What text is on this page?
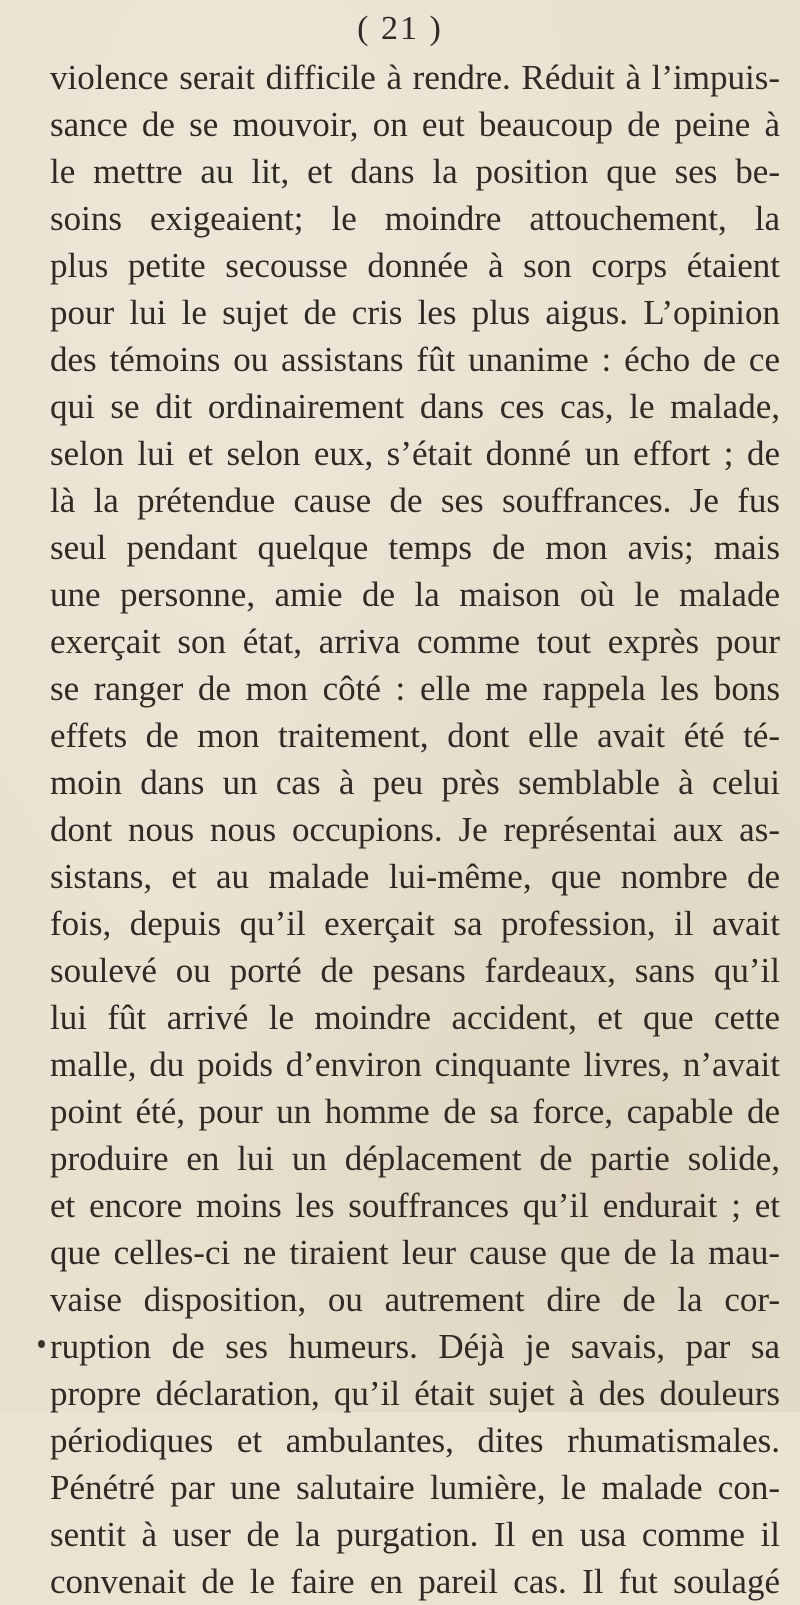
( 21 )
violence serait difficile à rendre. Réduit à l’impuis-
sance de se mouvoir, on eut beaucoup de peine à
le mettre au lit, et dans la position que ses be-
soins exigeaient; le moindre attouchement, la
plus petite secousse donnée à son corps étaient
pour lui le sujet de cris les plus aigus. L’opinion
des témoins ou assistans fût unanime : écho de ce
qui se dit ordinairement dans ces cas, le malade,
selon lui et selon eux, s’était donné un effort ; de
là la prétendue cause de ses souffrances. Je fus
seul pendant quelque temps de mon avis; mais
une personne, amie de la maison où le malade
exerçait son état, arriva comme tout exprès pour
se ranger de mon côté : elle me rappela les bons
effets de mon traitement, dont elle avait été té-
moin dans un cas à peu près semblable à celui
dont nous nous occupions. Je représentai aux as-
sistans, et au malade lui-même, que nombre de
fois, depuis qu’il exerçait sa profession, il avait
soulevé ou porté de pesans fardeaux, sans qu’il
lui fût arrivé le moindre accident, et que cette
malle, du poids d’environ cinquante livres, n’avait
point été, pour un homme de sa force, capable de
produire en lui un déplacement de partie solide,
et encore moins les souffrances qu’il endurait ; et
que celles-ci ne tiraient leur cause que de la mau-
vaise disposition, ou autrement dire de la cor-
ruption de ses humeurs. Déjà je savais, par sa
propre déclaration, qu’il était sujet à des douleurs
périodiques et ambulantes, dites rhumatismales.
Pénétré par une salutaire lumière, le malade con-
sentit à user de la purgation. Il en usa comme il
convenait de le faire en pareil cas. Il fut soulagé
